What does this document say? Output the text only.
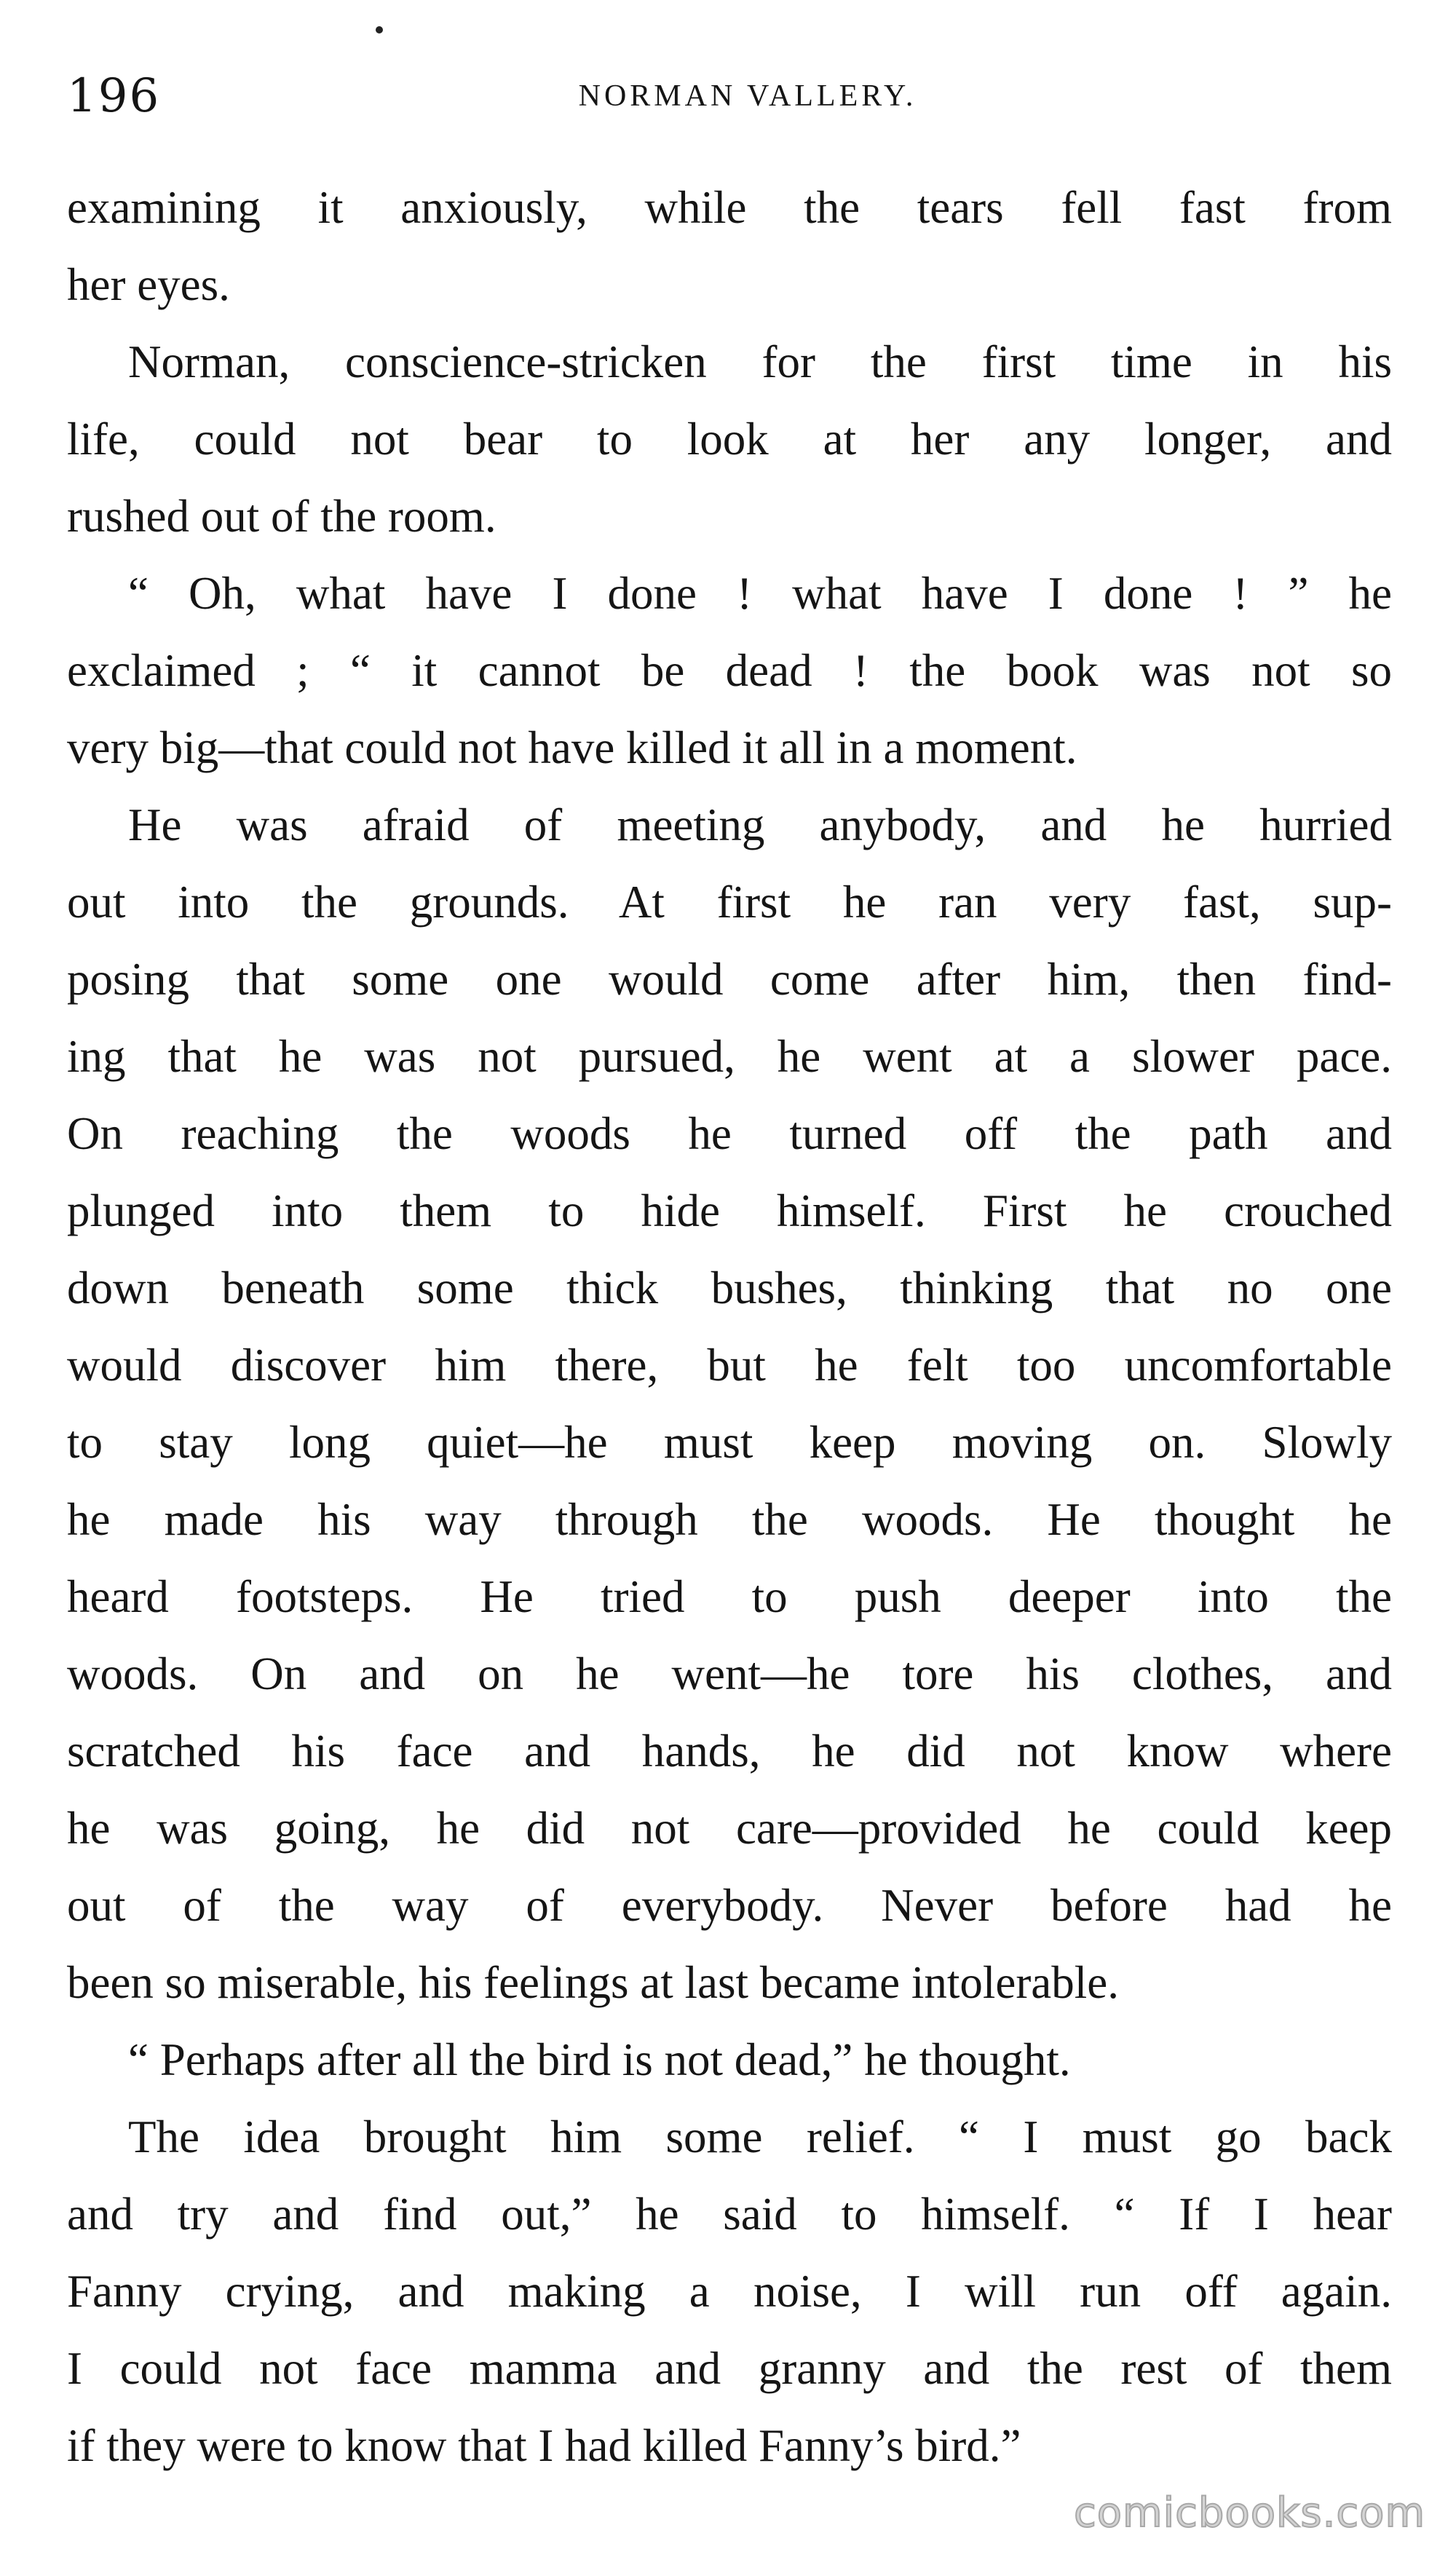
196	NORMAN VALLERY.
examining it anxiously, while the tears fell fast from
her eyes.
Norman, conscience-stricken for the first time in his
life, could not bear to look at her any longer, and
rushed out of the room.
“ Oh, what have I done ! what have I done ! ” he
exclaimed ; “ it cannot be dead ! the book was not so
very big—that could not have killed it all in a moment.
He was afraid of meeting anybody, and he hurried
out into the grounds. At first he ran very fast, sup-
posing that some one would come after him, then find-
ing that he was not pursued, he went at a slower pace.
On reaching the woods he turned off the path and
plunged into them to hide himself. First he crouched
down beneath some thick bushes, thinking that no one
would discover him there, but he felt too uncomfortable
to stay long quiet—he must keep moving on. Slowly
he made his way through the woods. He thought he
heard footsteps. He tried to push deeper into the
woods. On and on he went—he tore his clothes, and
scratched his face and hands, he did not know where
he was going, he did not care—provided he could keep
out of the way of everybody. Never before had he
been so miserable, his feelings at last became intolerable.
“ Perhaps after all the bird is not dead,” he thought.
The idea brought him some relief. “ I must go back
and try and find out,” he said to himself. “ If I hear
Fanny crying, and making a noise, I will run off again.
I could not face mamma and granny and the rest of them
if they were to know that I had killed Fanny’s bird.”
comicbooks.com
